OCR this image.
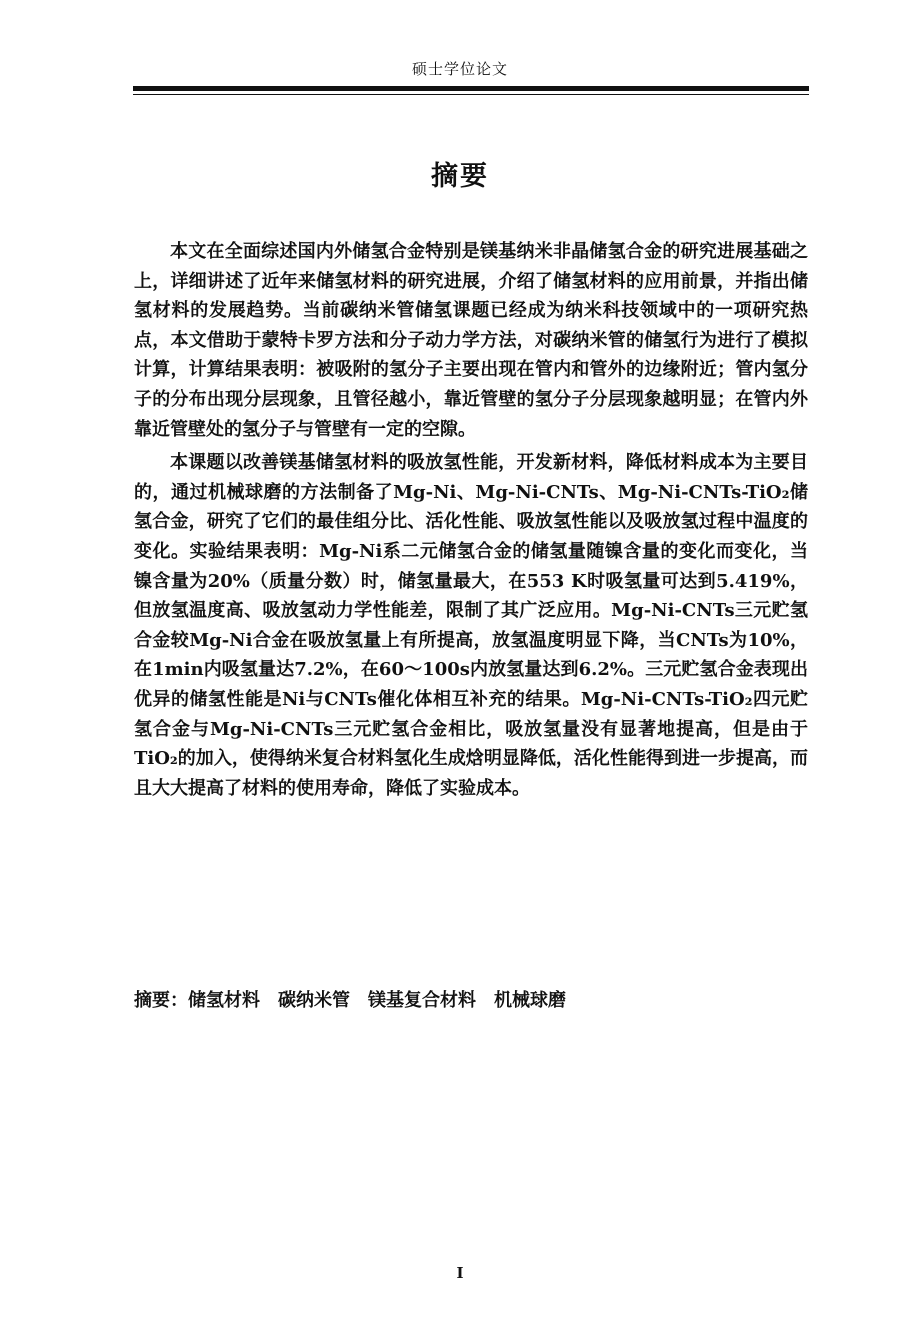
硕士学位论文
摘要

本文在全面综述国内外储氢合金特别是镁基纳米非晶储氢合金的研究进展基础之上，详细讲述了近年来储氢材料的研究进展，介绍了储氢材料的应用前景，并指出储氢材料的发展趋势。当前碳纳米管储氢课题已经成为纳米科技领域中的一项研究热点，本文借助于蒙特卡罗方法和分子动力学方法，对碳纳米管的储氢行为进行了模拟计算，计算结果表明：被吸附的氢分子主要出现在管内和管外的边缘附近；管内氢分子的分布出现分层现象，且管径越小，靠近管壁的氢分子分层现象越明显；在管内外靠近管壁处的氢分子与管壁有一定的空隙。

本课题以改善镁基储氢材料的吸放氢性能，开发新材料，降低材料成本为主要目的，通过机械球磨的方法制备了Mg-Ni、Mg-Ni-CNTs、Mg-Ni-CNTs-TiO₂储氢合金，研究了它们的最佳组分比、活化性能、吸放氢性能以及吸放氢过程中温度的变化。实验结果表明：Mg-Ni系二元储氢合金的储氢量随镍含量的变化而变化，当镍含量为20%（质量分数）时，储氢量最大，在553 K时吸氢量可达到5.419%，但放氢温度高、吸放氢动力学性能差，限制了其广泛应用。Mg-Ni-CNTs三元贮氢合金较Mg-Ni合金在吸放氢量上有所提高，放氢温度明显下降，当CNTs为10%，在1min内吸氢量达7.2%，在60～100s内放氢量达到6.2%。三元贮氢合金表现出优异的储氢性能是Ni与CNTs催化体相互补充的结果。Mg-Ni-CNTs-TiO₂四元贮氢合金与Mg-Ni-CNTs三元贮氢合金相比，吸放氢量没有显著地提高，但是由于TiO₂的加入，使得纳米复合材料氢化生成焓明显降低，活化性能得到进一步提高，而且大大提高了材料的使用寿命，降低了实验成本。

摘要：储氢材料 碳纳米管 镁基复合材料 机械球磨
I
